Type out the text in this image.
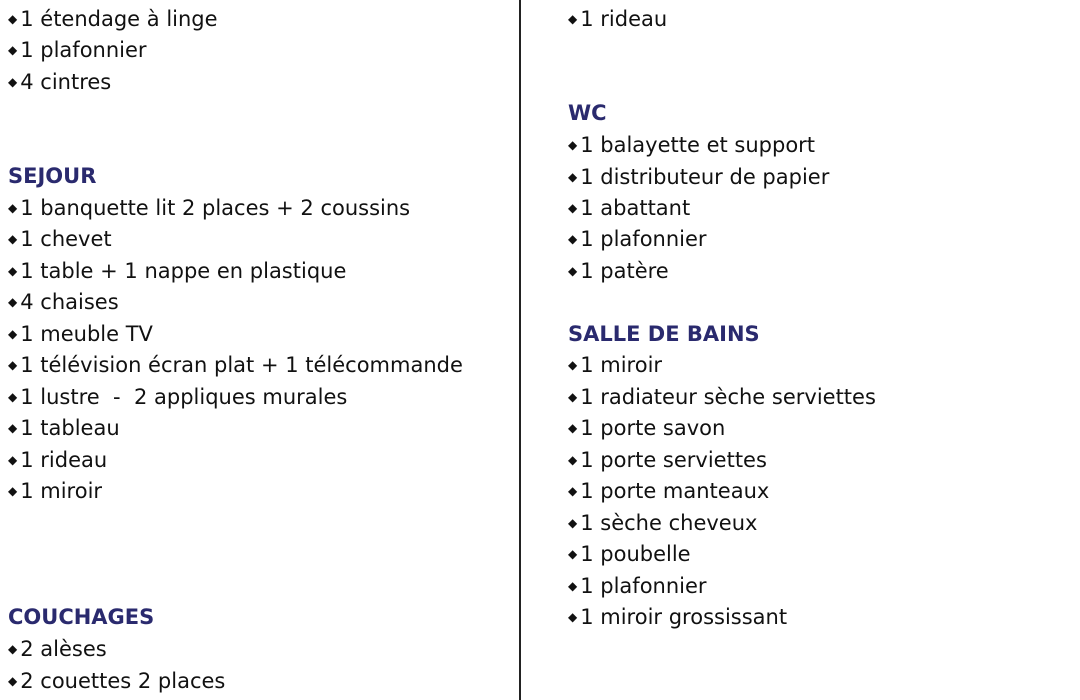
◆ 1 étendage à linge
◆ 1 plafonnier
◆ 4 cintres
SEJOUR
◆ 1 banquette lit 2 places + 2 coussins
◆ 1 chevet
◆ 1 table + 1 nappe en plastique
◆ 4 chaises
◆ 1 meuble TV
◆ 1 télévision écran plat + 1 télécommande
◆ 1 lustre  -  2 appliques murales
◆ 1 tableau
◆ 1 rideau
◆ 1 miroir
COUCHAGES
◆ 2 alèses
◆ 2 couettes 2 places
◆ 1 rideau
WC
◆ 1 balayette et support
◆ 1 distributeur de papier
◆ 1 abattant
◆ 1 plafonnier
◆ 1 patère
SALLE DE BAINS
◆ 1 miroir
◆ 1 radiateur sèche serviettes
◆ 1 porte savon
◆ 1 porte serviettes
◆ 1 porte manteaux
◆ 1 sèche cheveux
◆ 1 poubelle
◆ 1 plafonnier
◆ 1 miroir grossissant
